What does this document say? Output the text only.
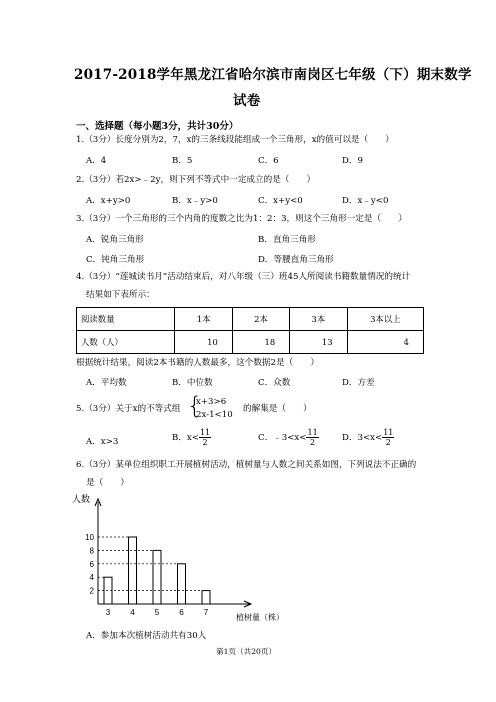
2017-2018学年黑龙江省哈尔滨市南岗区七年级（下）期末数学
试卷
一、选择题（每小题3分，共计30分）
1.（3分）长度分别为2，7，x的三条线段能组成一个三角形，x的值可以是（　　）
A．4	B．5	C．6	D．9
2.（3分）若2x>﹣2y，则下列不等式中一定成立的是（　　）
A．x+y>0	B．x﹣y>0	C．x+y<0	D．x﹣y<0
3.（3分）一个三角形的三个内角的度数之比为1：2：3，则这个三角形一定是（　　）
A．锐角三角形	B．直角三角形
C．钝角三角形	D．等腰直角三角形
4.（3分）“莲城读书月”活动结束后，对八年级（三）班45人所阅读书籍数量情况的统计
结果如下表所示：
阅读数量	1本	2本	3本	3本以上
人数（人）	10	18	13	4
根据统计结果，阅读2本书籍的人数最多，这个数据2是（　　）
A．平均数	B．中位数	C．众数	D．方差
5.（3分）关于x的不等式组 {
x+3>6
2x-1<10
的解集是（　　）
A．x>3	B．$x< \frac{11}{2}$	C．﹣3<x< $\frac{11}{2}$	D．$3<x< \frac{11}{2}$
6.（3分）某单位组织职工开展植树活动，植树量与人数之间关系如图，下列说法不正确的
是（　　）
人数
植树量（株）
2
4
6
8
10
3	4	5	6	7
A．参加本次植树活动共有30人
第1页（共20页）
